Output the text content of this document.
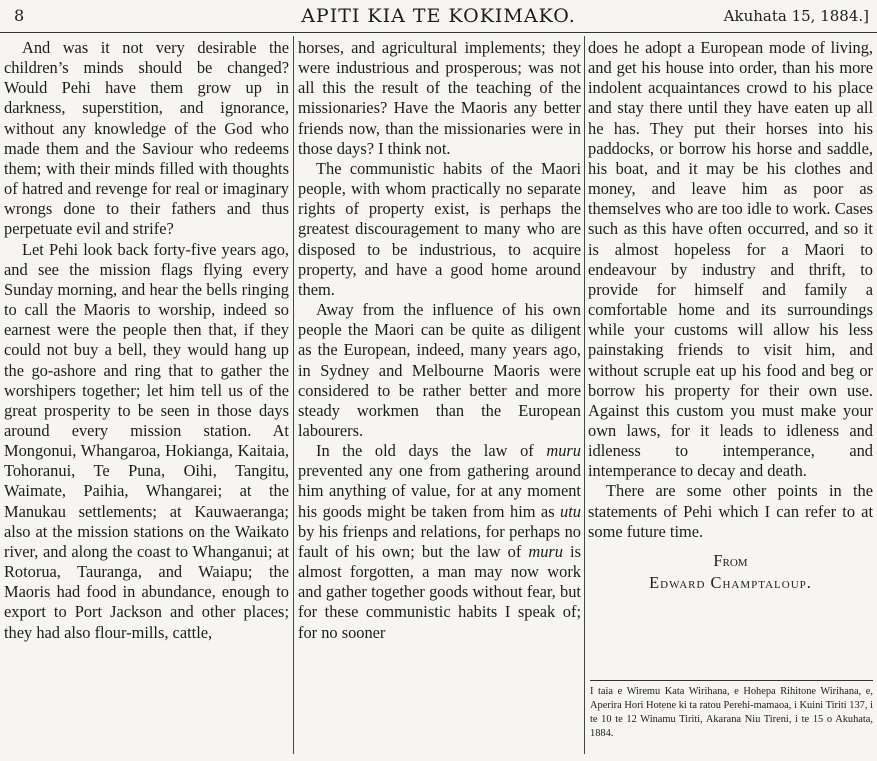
8	APITI KIA TE KOKIMAKO.	Akuhata 15, 1884.]

And was it not very desirable the children’s minds should be changed? Would Pehi have them grow up in darkness, superstition, and ignorance, without any knowledge of the God who made them and the Saviour who redeems them; with their minds filled with thoughts of hatred and revenge for real or imaginary wrongs done to their fathers and thus perpetuate evil and strife?

Let Pehi look back forty-five years ago, and see the mission flags flying every Sunday morning, and hear the bells ringing to call the Maoris to worship, indeed so earnest were the people then that, if they could not buy a bell, they would hang up the go-ashore and ring that to gather the worshipers together; let him tell us of the great prosperity to be seen in those days around every mission station. At Mongonui, Whangaroa, Hokianga, Kaitaia, Tohoranui, Te Puna, Oihi, Tangitu, Waimate, Paihia, Whangarei; at the Manukau settlements; at Kauwaeranga; also at the mission stations on the Waikato river, and along the coast to Whanganui; at Rotorua, Tauranga, and Waiapu; the Maoris had food in abundance, enough to export to Port Jackson and other places; they had also flour-mills, cattle,

horses, and agricultural implements; they were industrious and prosperous; was not all this the result of the teaching of the missionaries? Have the Maoris any better friends now, than the missionaries were in those days? I think not.

The communistic habits of the Maori people, with whom practically no separate rights of property exist, is perhaps the greatest discouragement to many who are disposed to be industrious, to acquire property, and have a good home around them.

Away from the influence of his own people the Maori can be quite as diligent as the European, indeed, many years ago, in Sydney and Melbourne Maoris were considered to be rather better and more steady workmen than the European labourers.

In the old days the law of muru prevented any one from gathering around him anything of value, for at any moment his goods might be taken from him as utu by his frienps and relations, for perhaps no fault of his own; but the law of muru is almost forgotten, a man may now work and gather together goods without fear, but for these communistic habits I speak of; for no sooner

does he adopt a European mode of living, and get his house into order, than his more indolent acquaintances crowd to his place and stay there until they have eaten up all he has. They put their horses into his paddocks, or borrow his horse and saddle, his boat, and it may be his clothes and money, and leave him as poor as themselves who are too idle to work. Cases such as this have often occurred, and so it is almost hopeless for a Maori to endeavour by industry and thrift, to provide for himself and family a comfortable home and its surroundings while your customs will allow his less painstaking friends to visit him, and without scruple eat up his food and beg or borrow his property for their own use. Against this custom you must make your own laws, for it leads to idleness and idleness to intemperance, and intemperance to decay and death.

There are some other points in the statements of Pehi which I can refer to at some future time.

From
Edward Champtaloup.
I taia e Wiremu Kata Wirihana, e Hohepa Rihitone Wirihana, e, Aperira Hori Hotene ki ta ratou Perehi-mamaoa, i Kuini Tiriti 137, i te 10 te 12 Winamu Tiriti, Akarana Niu Tireni, i te 15 o Akuhata, 1884.
